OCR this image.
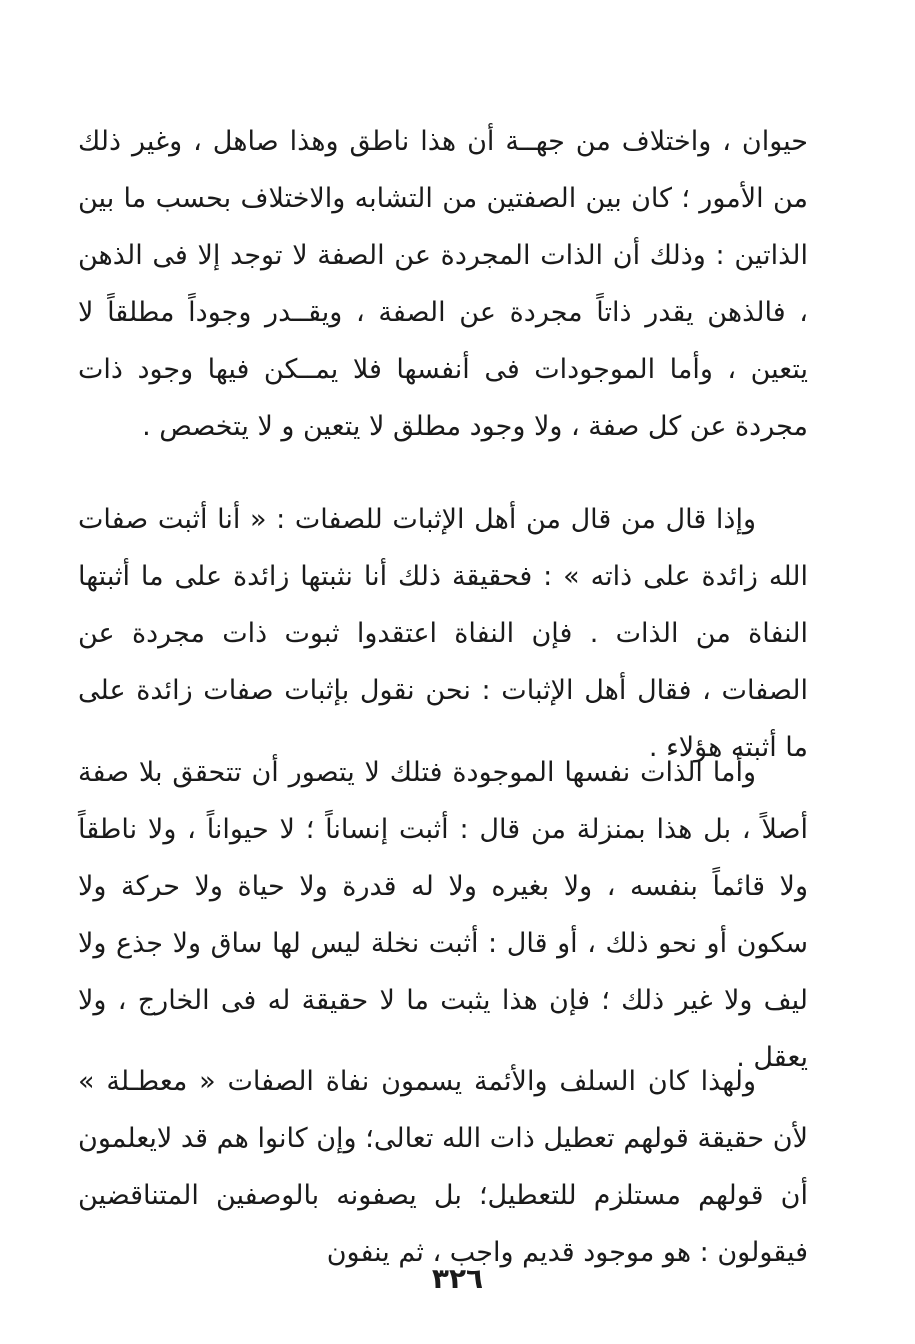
حيوان ، واختلاف من جهــة أن هذا ناطق وهذا صاهل ، وغير ذلك من الأمور ؛ كان بين الصفتين من التشابه والاختلاف بحسب ما بين الذاتين : وذلك أن الذات المجردة عن الصفة لا توجد إلا فى الذهن ، فالذهن يقدر ذاتاً مجردة عن الصفة ، ويقــدر وجوداً مطلقاً لا يتعين ، وأما الموجودات فى أنفسها فلا يمــكن فيها وجود ذات مجردة عن كل صفة ، ولا وجود مطلق لا يتعين و لا يتخصص .

وإذا قال من قال من أهل الإثبات للصفات : « أنا أثبت صفات الله زائدة على ذاته » : فحقيقة ذلك أنا نثبتها زائدة على ما أثبتها النفاة من الذات . فإن النفاة اعتقدوا ثبوت ذات مجردة عن الصفات ، فقال أهل الإثبات : نحن نقول بإثبات صفات زائدة على ما أثبته هؤلاء .

وأما الذات نفسها الموجودة فتلك لا يتصور أن تتحقق بلا صفة أصلاً ، بل هذا بمنزلة من قال : أثبت إنساناً ؛ لا حيواناً ، ولا ناطقاً ولا قائماً بنفسه ، ولا بغيره ولا له قدرة ولا حياة ولا حركة ولا سكون أو نحو ذلك ، أو قال : أثبت نخلة ليس لها ساق ولا جذع ولا ليف ولا غير ذلك ؛ فإن هذا يثبت ما لا حقيقة له فى الخارج ، ولا يعقل .

ولهذا كان السلف والأئمة يسمون نفاة الصفات « معطـلة » لأن حقيقة قولهم تعطيل ذات الله تعالى؛ وإن كانوا هم قد لايعلمون أن قولهم مستلزم للتعطيل؛ بل يصفونه بالوصفين المتناقضين فيقولون : هو موجود قديم واجب ، ثم ينفون

٣٢٦
